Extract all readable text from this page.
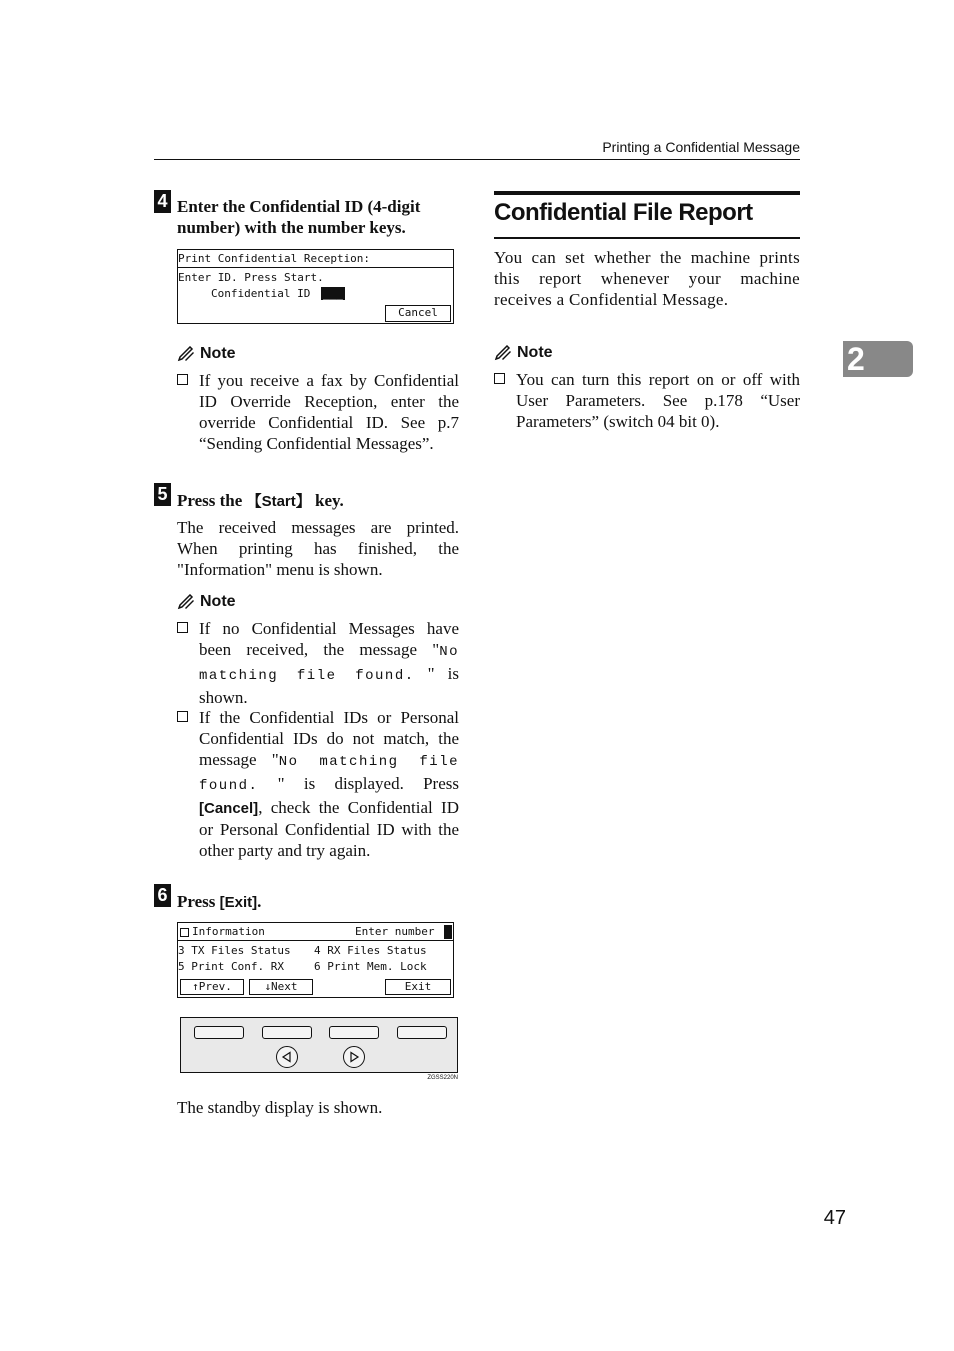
Printing a Confidential Message
4 Enter the Confidential ID (4-digit number) with the number keys.
Print Confidential Reception:
Enter ID. Press Start.
Confidential ID ___
Cancel
Note
If you receive a fax by Confidential ID Override Reception, enter the override Confidential ID. See p.7 “Sending Confidential Messages”.
5 Press the 【Start】 key.
The received messages are printed. When printing has finished, the "Information" menu is shown.
Note
If no Confidential Messages have been received, the message "No matching file found. " is shown.
If the Confidential IDs or Personal Confidential IDs do not match, the message "No matching file found. " is displayed. Press [Cancel], check the Confidential ID or Personal Confidential ID with the other party and try again.
6 Press [Exit].
Information	Enter number
3 TX Files Status 4 RX Files Status
5 Print Conf. RX	6 Print Mem. Lock
↑Prev.	↓Next	Exit
ZGSS220N
The standby display is shown.
Confidential File Report
You can set whether the machine prints this report whenever your machine receives a Confidential Message.
Note
You can turn this report on or off with User Parameters. See p.178 “User Parameters” (switch 04 bit 0).
2
47
